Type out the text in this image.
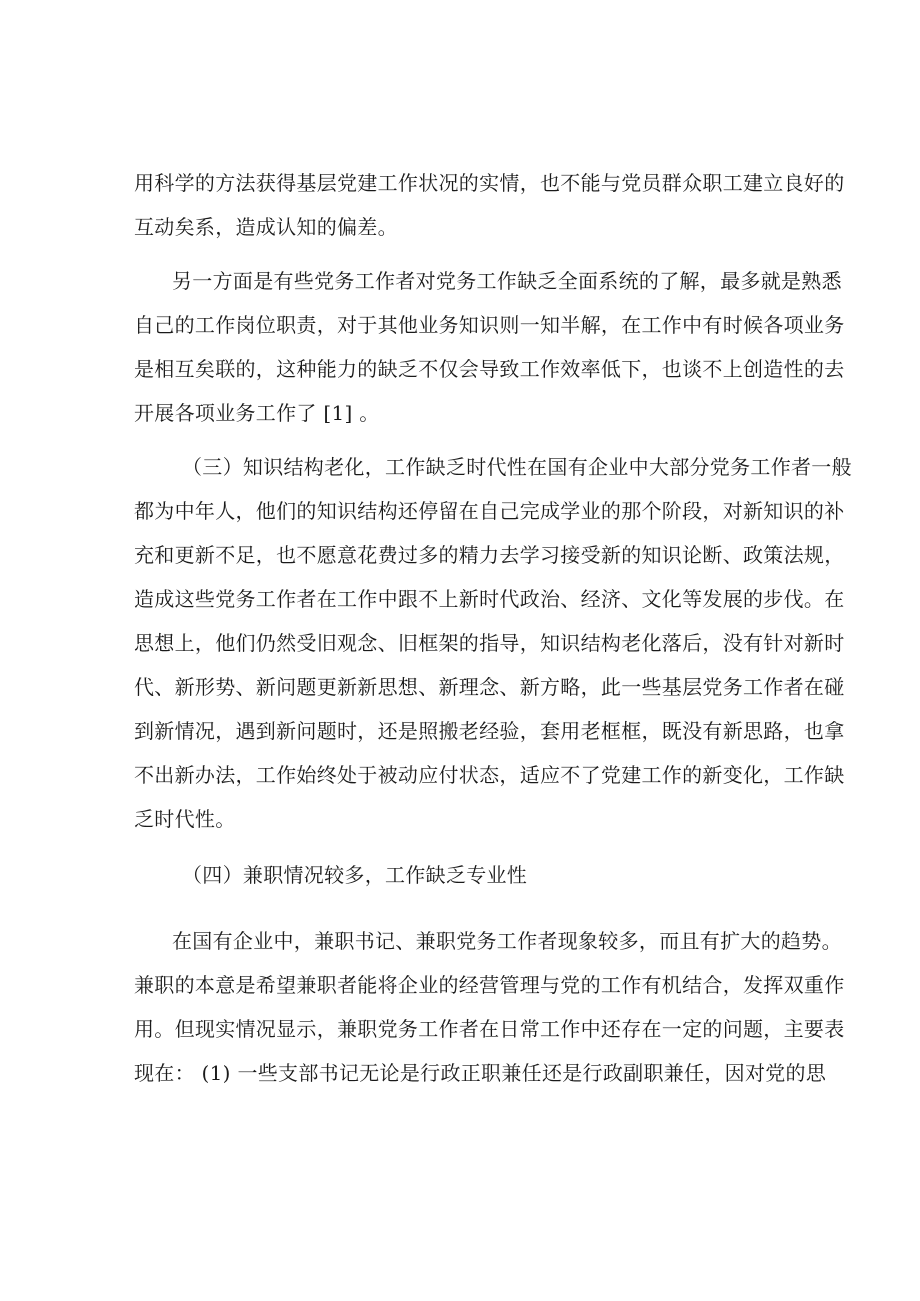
用科学的方法获得基层党建工作状况的实情，也不能与党员群众职工建立良好的
互动矣系，造成认知的偏差。
另一方面是有些党务工作者对党务工作缺乏全面系统的了解，最多就是熟悉
自己的工作岗位职责，对于其他业务知识则一知半解，在工作中有时候各项业务
是相互矣联的，这种能力的缺乏不仅会导致工作效率低下，也谈不上创造性的去
开展各项业务工作了 [1] 。
（三）知识结构老化，工作缺乏时代性在国有企业中大部分党务工作者一般
都为中年人，他们的知识结构还停留在自己完成学业的那个阶段，对新知识的补
充和更新不足，也不愿意花费过多的精力去学习接受新的知识论断、政策法规，
造成这些党务工作者在工作中跟不上新时代政治、经济、文化等发展的步伐。在
思想上，他们仍然受旧观念、旧框架的指导，知识结构老化落后，没有针对新时
代、新形势、新问题更新新思想、新理念、新方略，此一些基层党务工作者在碰
到新情况，遇到新问题时，还是照搬老经验，套用老框框，既没有新思路，也拿
不出新办法，工作始终处于被动应付状态，适应不了党建工作的新变化，工作缺
乏时代性。
（四）兼职情况较多，工作缺乏专业性
在国有企业中，兼职书记、兼职党务工作者现象较多，而且有扩大的趋势。
兼职的本意是希望兼职者能将企业的经营管理与党的工作有机结合，发挥双重作
用。但现实情况显示，兼职党务工作者在日常工作中还存在一定的问题，主要表
现在： (1) 一些支部书记无论是行政正职兼任还是行政副职兼任，因对党的思
